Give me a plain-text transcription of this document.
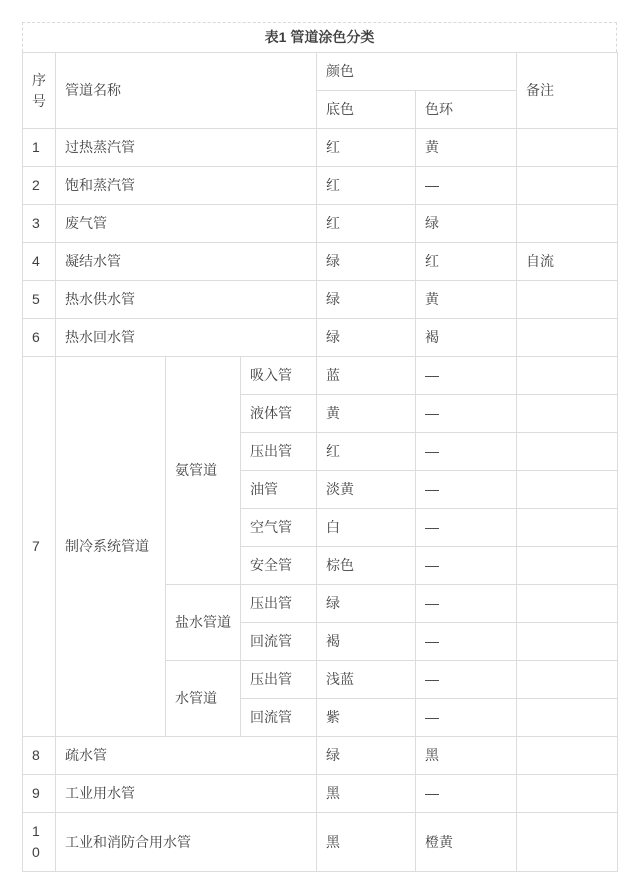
表1 管道涂色分类
序号	管道名称			颜色		备注
				底色	色环	
1	过热蒸汽管			红	黄	
2	饱和蒸汽管			红	—	
3	废气管			红	绿	
4	凝结水管			绿	红	自流
5	热水供水管			绿	黄	
6	热水回水管			绿	褐	
7	制冷系统管道	氨管道	吸入管	蓝	—	
			液体管	黄	—	
			压出管	红	—	
			油管	淡黄	—	
			空气管	白	—	
			安全管	棕色	—	
		盐水管道	压出管	绿	—	
			回流管	褐	—	
		水管道	压出管	浅蓝	—	
			回流管	紫	—	
8	疏水管			绿	黑	
9	工业用水管			黑	—	
10	工业和消防合用水管			黑	橙黄	
